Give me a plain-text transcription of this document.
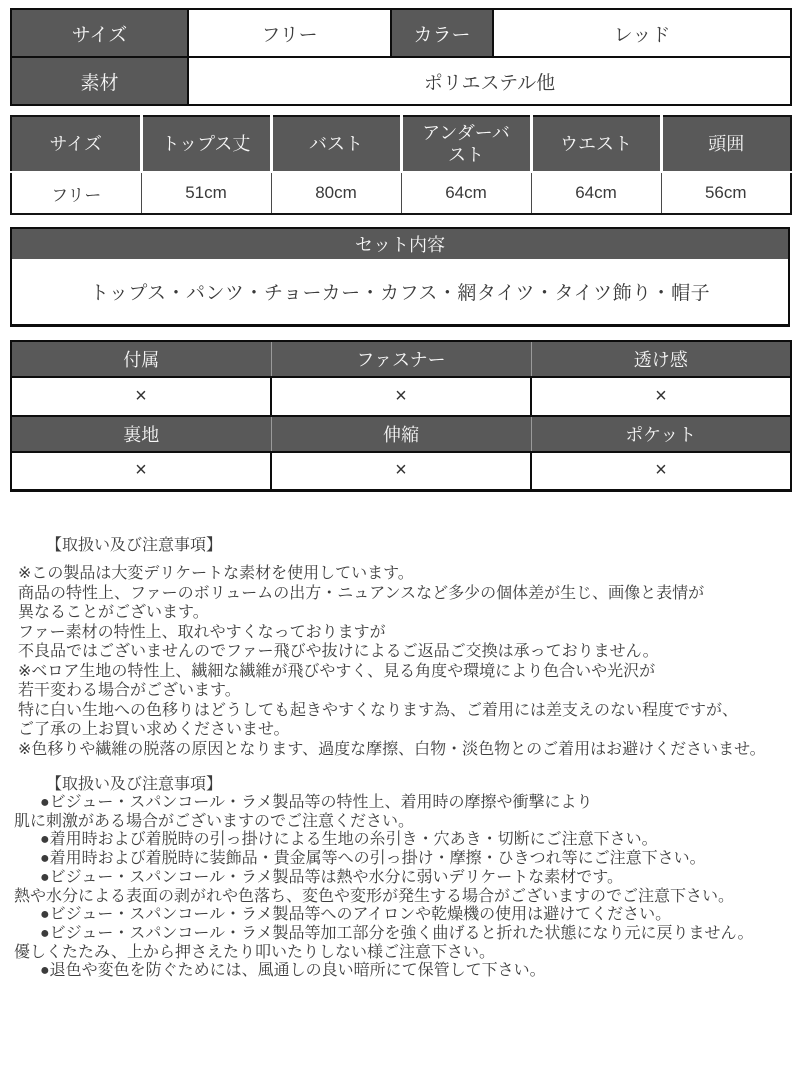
サイズ	フリー	カラー	レッド
素材	ポリエステル他		
サイズ	トップス丈	バスト	アンダーバスト	ウエスト	頭囲
フリー	51cm	80cm	64cm	64cm	56cm
セット内容
トップス・パンツ・チョーカー・カフス・網タイツ・タイツ飾り・帽子
付属	ファスナー	透け感
×	×	×
裏地	伸縮	ポケット
×	×	×
【取扱い及び注意事項】
※この製品は大変デリケートな素材を使用しています。
商品の特性上、ファーのボリュームの出方・ニュアンスなど多少の個体差が生じ、画像と表情が
異なることがございます。
ファー素材の特性上、取れやすくなっておりますが
不良品ではございませんのでファー飛びや抜けによるご返品ご交換は承っておりません。
※ベロア生地の特性上、繊細な繊維が飛びやすく、見る角度や環境により色合いや光沢が
若干変わる場合がございます。
特に白い生地への色移りはどうしても起きやすくなります為、ご着用には差支えのない程度ですが、
ご了承の上お買い求めくださいませ。
※色移りや繊維の脱落の原因となります、過度な摩擦、白物・淡色物とのご着用はお避けくださいませ。
【取扱い及び注意事項】
●ビジュー・スパンコール・ラメ製品等の特性上、着用時の摩擦や衝撃により
肌に刺激がある場合がございますのでご注意ください。
●着用時および着脱時の引っ掛けによる生地の糸引き・穴あき・切断にご注意下さい。
●着用時および着脱時に装飾品・貴金属等への引っ掛け・摩擦・ひきつれ等にご注意下さい。
●ビジュー・スパンコール・ラメ製品等は熱や水分に弱いデリケートな素材です。
熱や水分による表面の剥がれや色落ち、変色や変形が発生する場合がございますのでご注意下さい。
●ビジュー・スパンコール・ラメ製品等へのアイロンや乾燥機の使用は避けてください。
●ビジュー・スパンコール・ラメ製品等加工部分を強く曲げると折れた状態になり元に戻りません。
優しくたたみ、上から押さえたり叩いたりしない様ご注意下さい。
●退色や変色を防ぐためには、風通しの良い暗所にて保管して下さい。
